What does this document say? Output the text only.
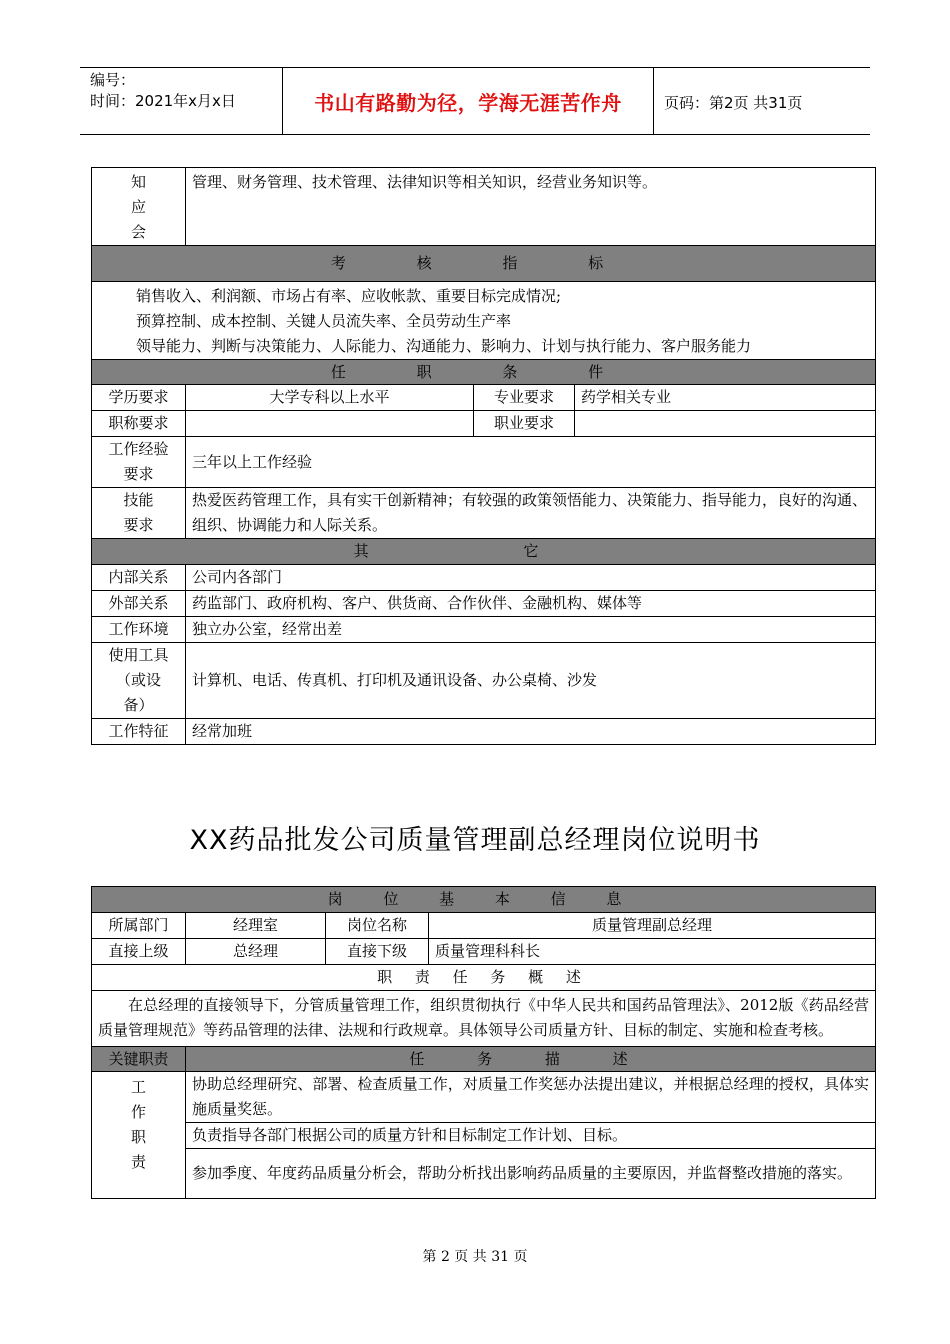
编号：
时间：2021年x月x日	书山有路勤为径，学海无涯苦作舟	页码：第2页 共31页
知
应
会	管理、财务管理、技术管理、法律知识等相关知识，经营业务知识等。		
考 核 指 标			

销售收入、利润额、市场占有率、应收帐款、重要目标完成情况;
预算控制、成本控制、关键人员流失率、全员劳动生产率
领导能力、判断与决策能力、人际能力、沟通能力、影响力、计划与执行能力、客户服务能力			

任 职 条 件			
学历要求	大学专科以上水平	专业要求	药学相关专业
职称要求		职业要求	

工作经验
要求	三年以上工作经验		

技能
要求	热爱医药管理工作，具有实干创新精神；有较强的政策领悟能力、决策能力、指导能力，良好的沟通、组织、协调能力和人际关系。		
其 它			
内部关系	公司内各部门		
外部关系	药监部门、政府机构、客户、供货商、合作伙伴、金融机构、媒体等		
工作环境	独立办公室，经常出差		

使用工具
（或设
备）	计算机、电话、传真机、打印机及通讯设备、办公桌椅、沙发		
工作特征	经常加班		
XX药品批发公司质量管理副总经理岗位说明书
岗 位 基 本 信 息			
所属部门	经理室	岗位名称	质量管理副总经理
直接上级	总经理	直接下级	质量管理科科长
职 责 任 务 概 述			
在总经理的直接领导下，分管质量管理工作，组织贯彻执行《中华人民共和国药品管理法》、2012版《药品经营质量管理规范》等药品管理的法律、法规和行政规章。具体领导公司质量方针、目标的制定、实施和检查考核。			
关键职责	任 务 描 述		

工
作
职
责	协助总经理研究、部署、检查质量工作，对质量工作奖惩办法提出建议，并根据总经理的授权，具体实施质量奖惩。		
	负责指导各部门根据公司的质量方针和目标制定工作计划、目标。		
	参加季度、年度药品质量分析会，帮助分析找出影响药品质量的主要原因，并监督整改措施的落实。		
第 2 页 共 31 页
